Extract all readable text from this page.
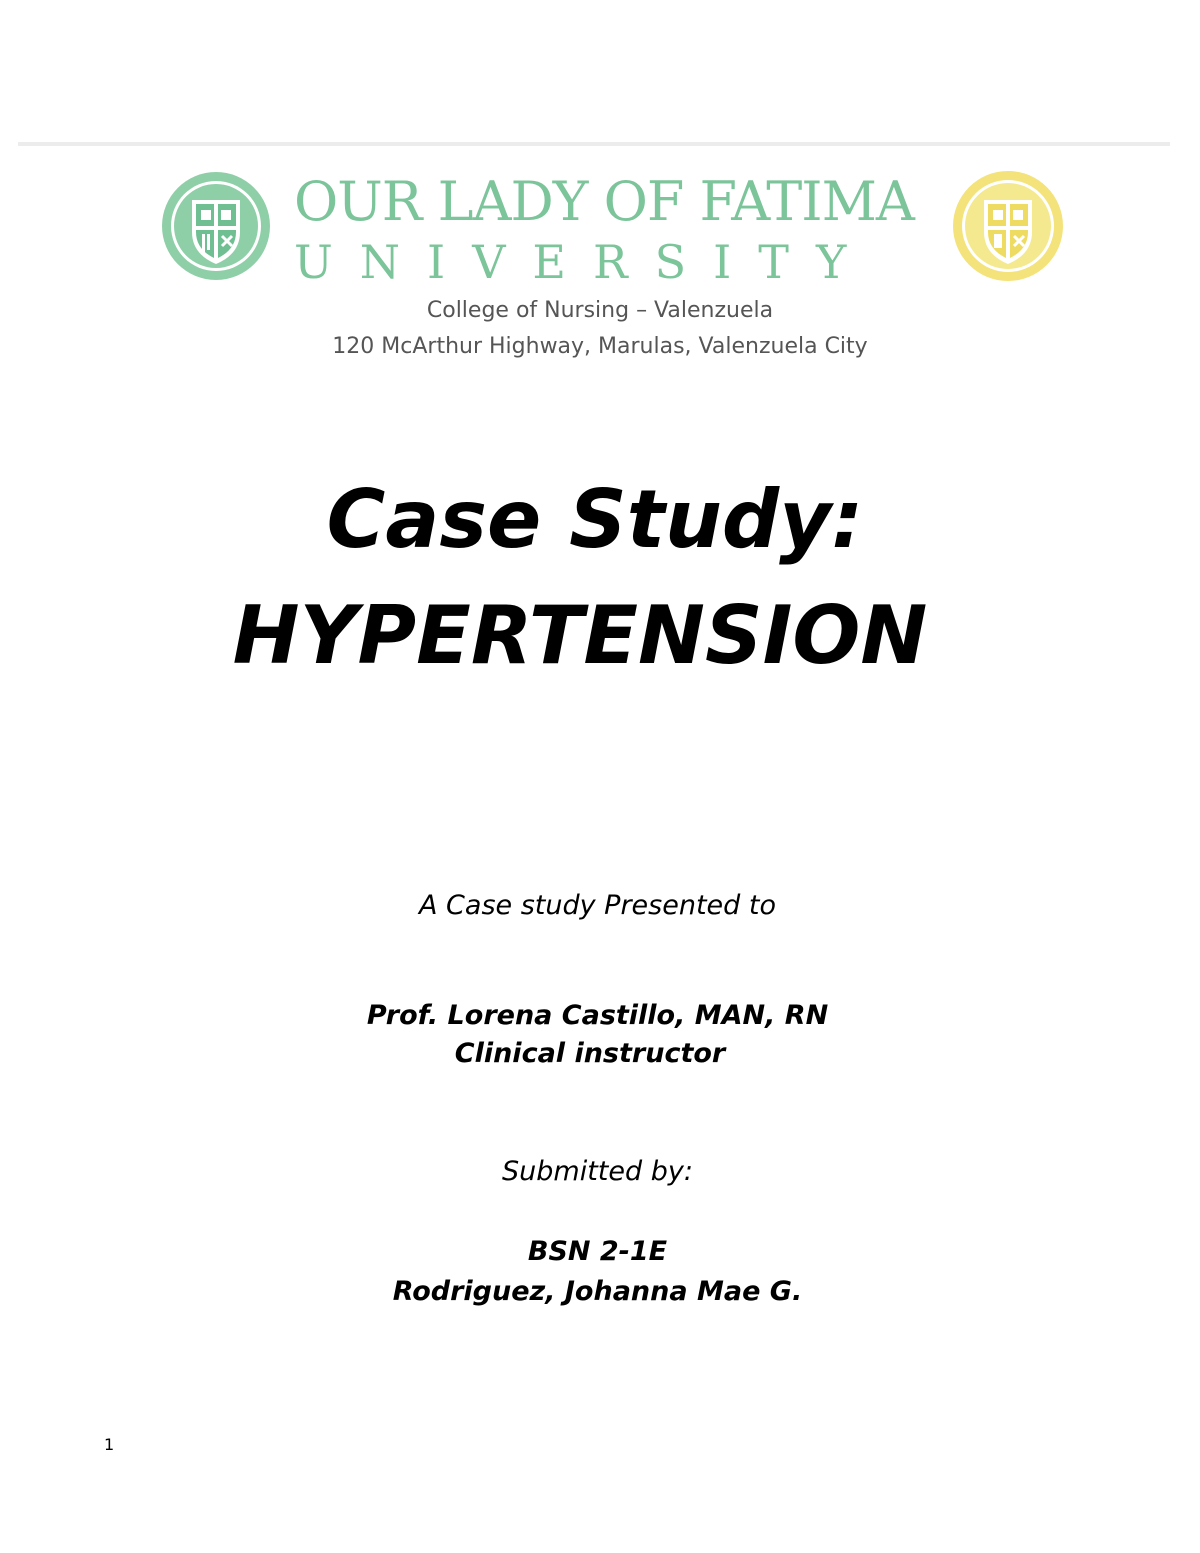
OUR LADY OF FATIMA
UNIVERSITY
College of Nursing – Valenzuela
120 McArthur Highway, Marulas, Valenzuela City
Case Study:
HYPERTENSION
A Case study Presented to
Prof. Lorena Castillo, MAN, RN
Clinical instructor
Submitted by:
BSN 2-1E
Rodriguez, Johanna Mae G.
1
